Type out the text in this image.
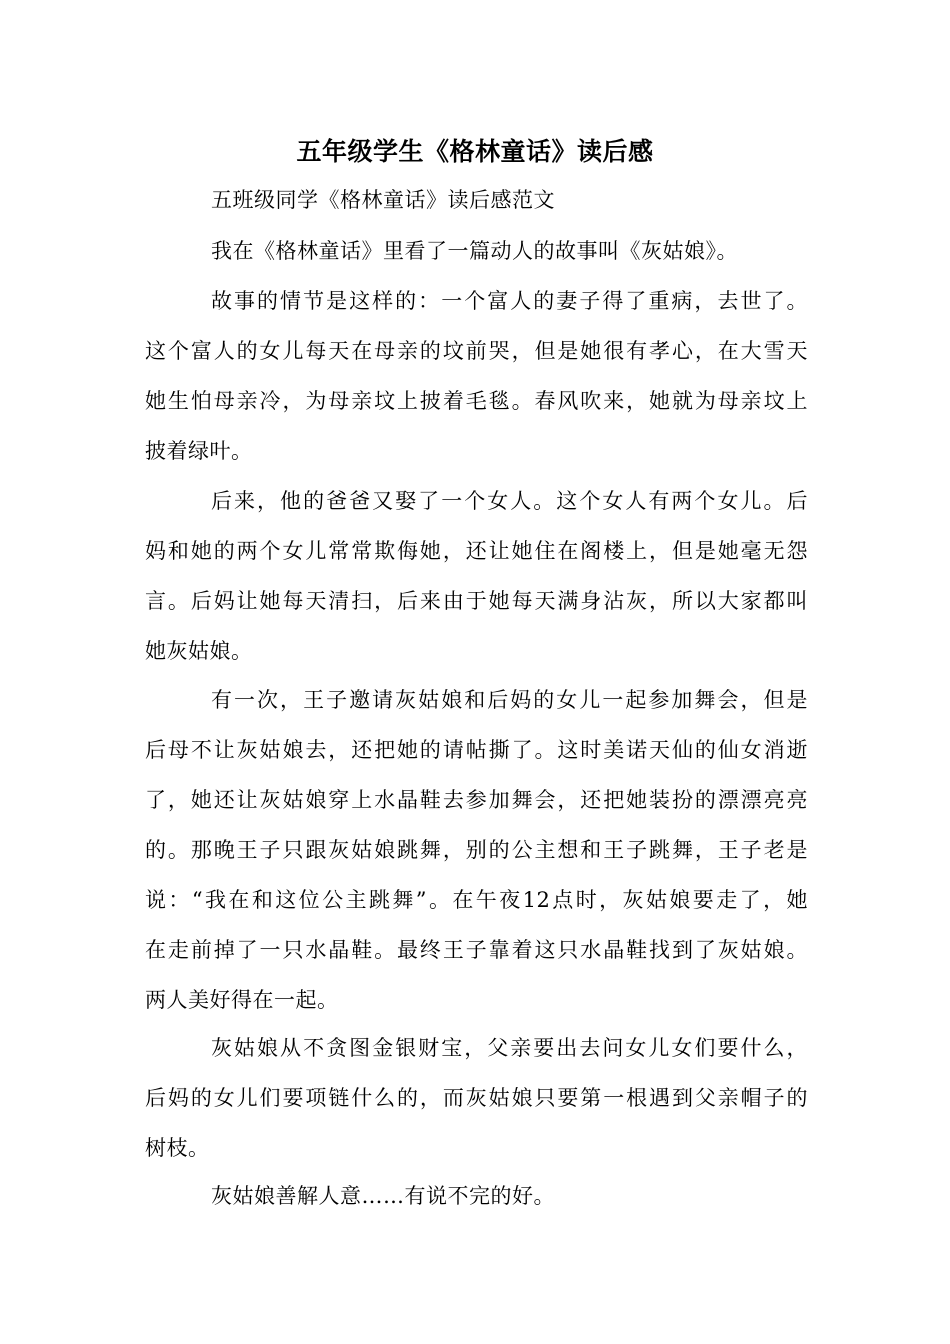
五年级学生《格林童话》读后感
五班级同学《格林童话》读后感范文
我在《格林童话》里看了一篇动人的故事叫《灰姑娘》。
故事的情节是这样的：一个富人的妻子得了重病，去世了。
这个富人的女儿每天在母亲的坟前哭，但是她很有孝心，在大雪天
她生怕母亲冷，为母亲坟上披着毛毯。春风吹来，她就为母亲坟上
披着绿叶。
后来，他的爸爸又娶了一个女人。这个女人有两个女儿。后
妈和她的两个女儿常常欺侮她，还让她住在阁楼上，但是她毫无怨
言。后妈让她每天清扫，后来由于她每天满身沾灰，所以大家都叫
她灰姑娘。
有一次，王子邀请灰姑娘和后妈的女儿一起参加舞会，但是
后母不让灰姑娘去，还把她的请帖撕了。这时美诺天仙的仙女消逝
了，她还让灰姑娘穿上水晶鞋去参加舞会，还把她装扮的漂漂亮亮
的。那晚王子只跟灰姑娘跳舞，别的公主想和王子跳舞，王子老是
说：“我在和这位公主跳舞”。在午夜12点时，灰姑娘要走了，她
在走前掉了一只水晶鞋。最终王子靠着这只水晶鞋找到了灰姑娘。
两人美好得在一起。
灰姑娘从不贪图金银财宝，父亲要出去问女儿女们要什么，
后妈的女儿们要项链什么的，而灰姑娘只要第一根遇到父亲帽子的
树枝。
灰姑娘善解人意……有说不完的好。
